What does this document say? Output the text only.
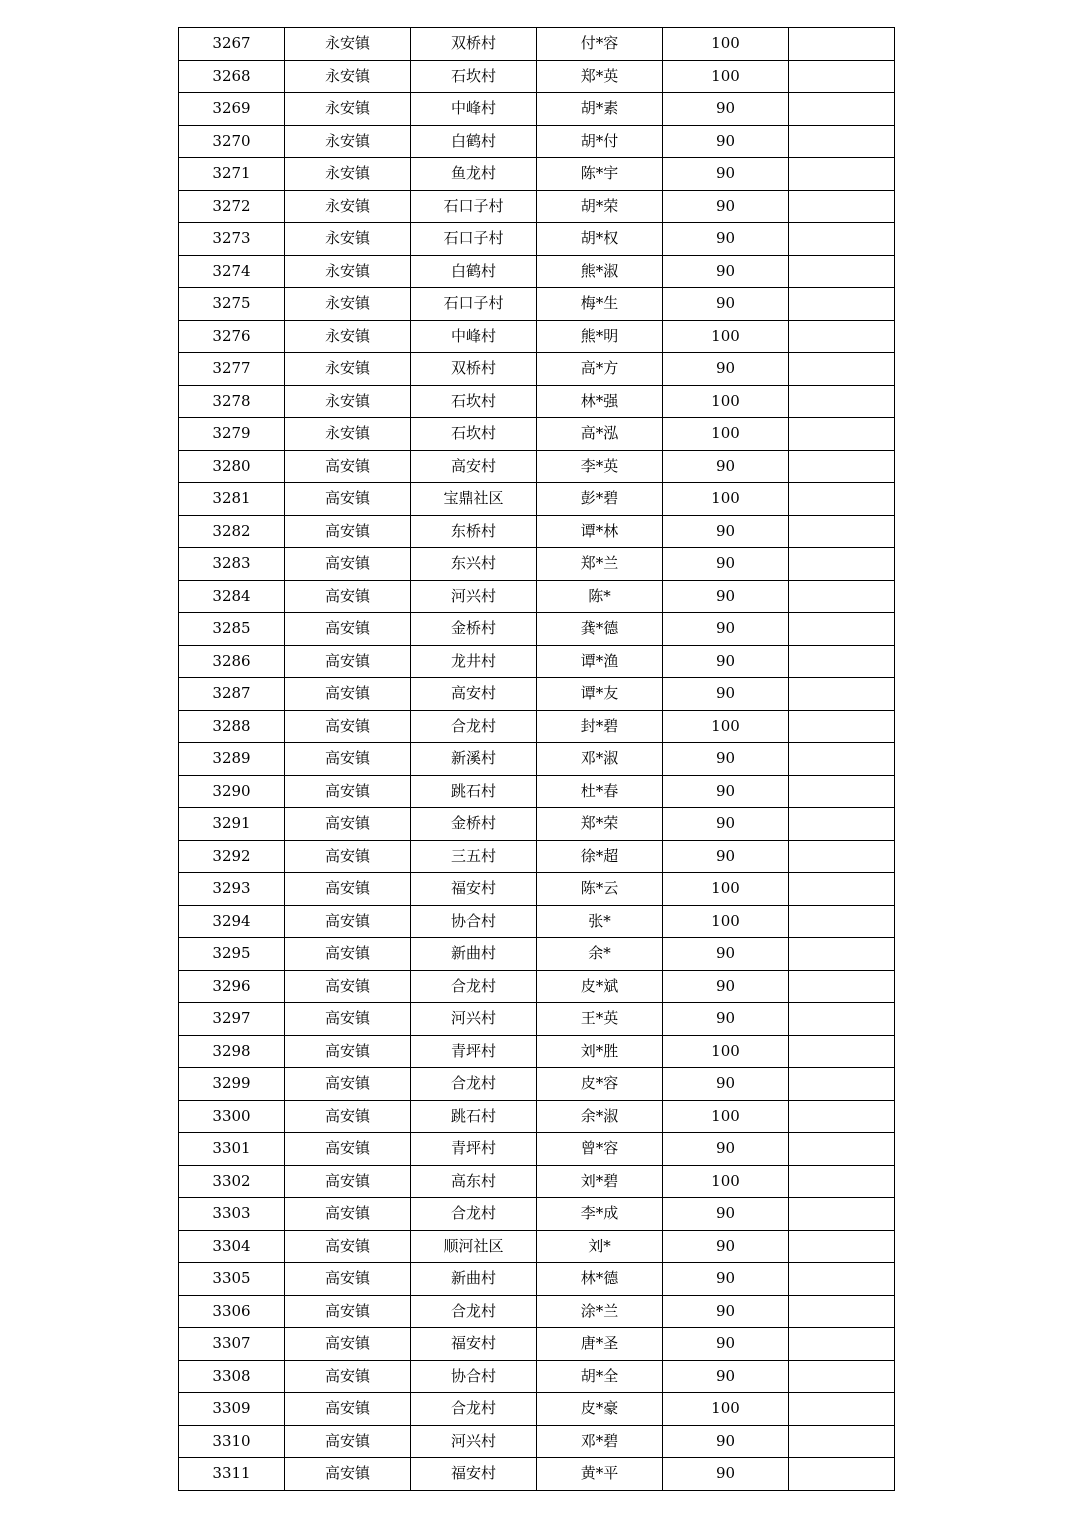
3267	永安镇	双桥村	付*容	100	
3268	永安镇	石坎村	郑*英	100	
3269	永安镇	中峰村	胡*素	90	
3270	永安镇	白鹤村	胡*付	90	
3271	永安镇	鱼龙村	陈*宇	90	
3272	永安镇	石口子村	胡*荣	90	
3273	永安镇	石口子村	胡*权	90	
3274	永安镇	白鹤村	熊*淑	90	
3275	永安镇	石口子村	梅*生	90	
3276	永安镇	中峰村	熊*明	100	
3277	永安镇	双桥村	高*方	90	
3278	永安镇	石坎村	林*强	100	
3279	永安镇	石坎村	高*泓	100	
3280	高安镇	高安村	李*英	90	
3281	高安镇	宝鼎社区	彭*碧	100	
3282	高安镇	东桥村	谭*林	90	
3283	高安镇	东兴村	郑*兰	90	
3284	高安镇	河兴村	陈*	90	
3285	高安镇	金桥村	龚*德	90	
3286	高安镇	龙井村	谭*渔	90	
3287	高安镇	高安村	谭*友	90	
3288	高安镇	合龙村	封*碧	100	
3289	高安镇	新溪村	邓*淑	90	
3290	高安镇	跳石村	杜*春	90	
3291	高安镇	金桥村	郑*荣	90	
3292	高安镇	三五村	徐*超	90	
3293	高安镇	福安村	陈*云	100	
3294	高安镇	协合村	张*	100	
3295	高安镇	新曲村	余*	90	
3296	高安镇	合龙村	皮*斌	90	
3297	高安镇	河兴村	王*英	90	
3298	高安镇	青坪村	刘*胜	100	
3299	高安镇	合龙村	皮*容	90	
3300	高安镇	跳石村	余*淑	100	
3301	高安镇	青坪村	曾*容	90	
3302	高安镇	高东村	刘*碧	100	
3303	高安镇	合龙村	李*成	90	
3304	高安镇	顺河社区	刘*	90	
3305	高安镇	新曲村	林*德	90	
3306	高安镇	合龙村	涂*兰	90	
3307	高安镇	福安村	唐*圣	90	
3308	高安镇	协合村	胡*全	90	
3309	高安镇	合龙村	皮*豪	100	
3310	高安镇	河兴村	邓*碧	90	
3311	高安镇	福安村	黄*平	90	
